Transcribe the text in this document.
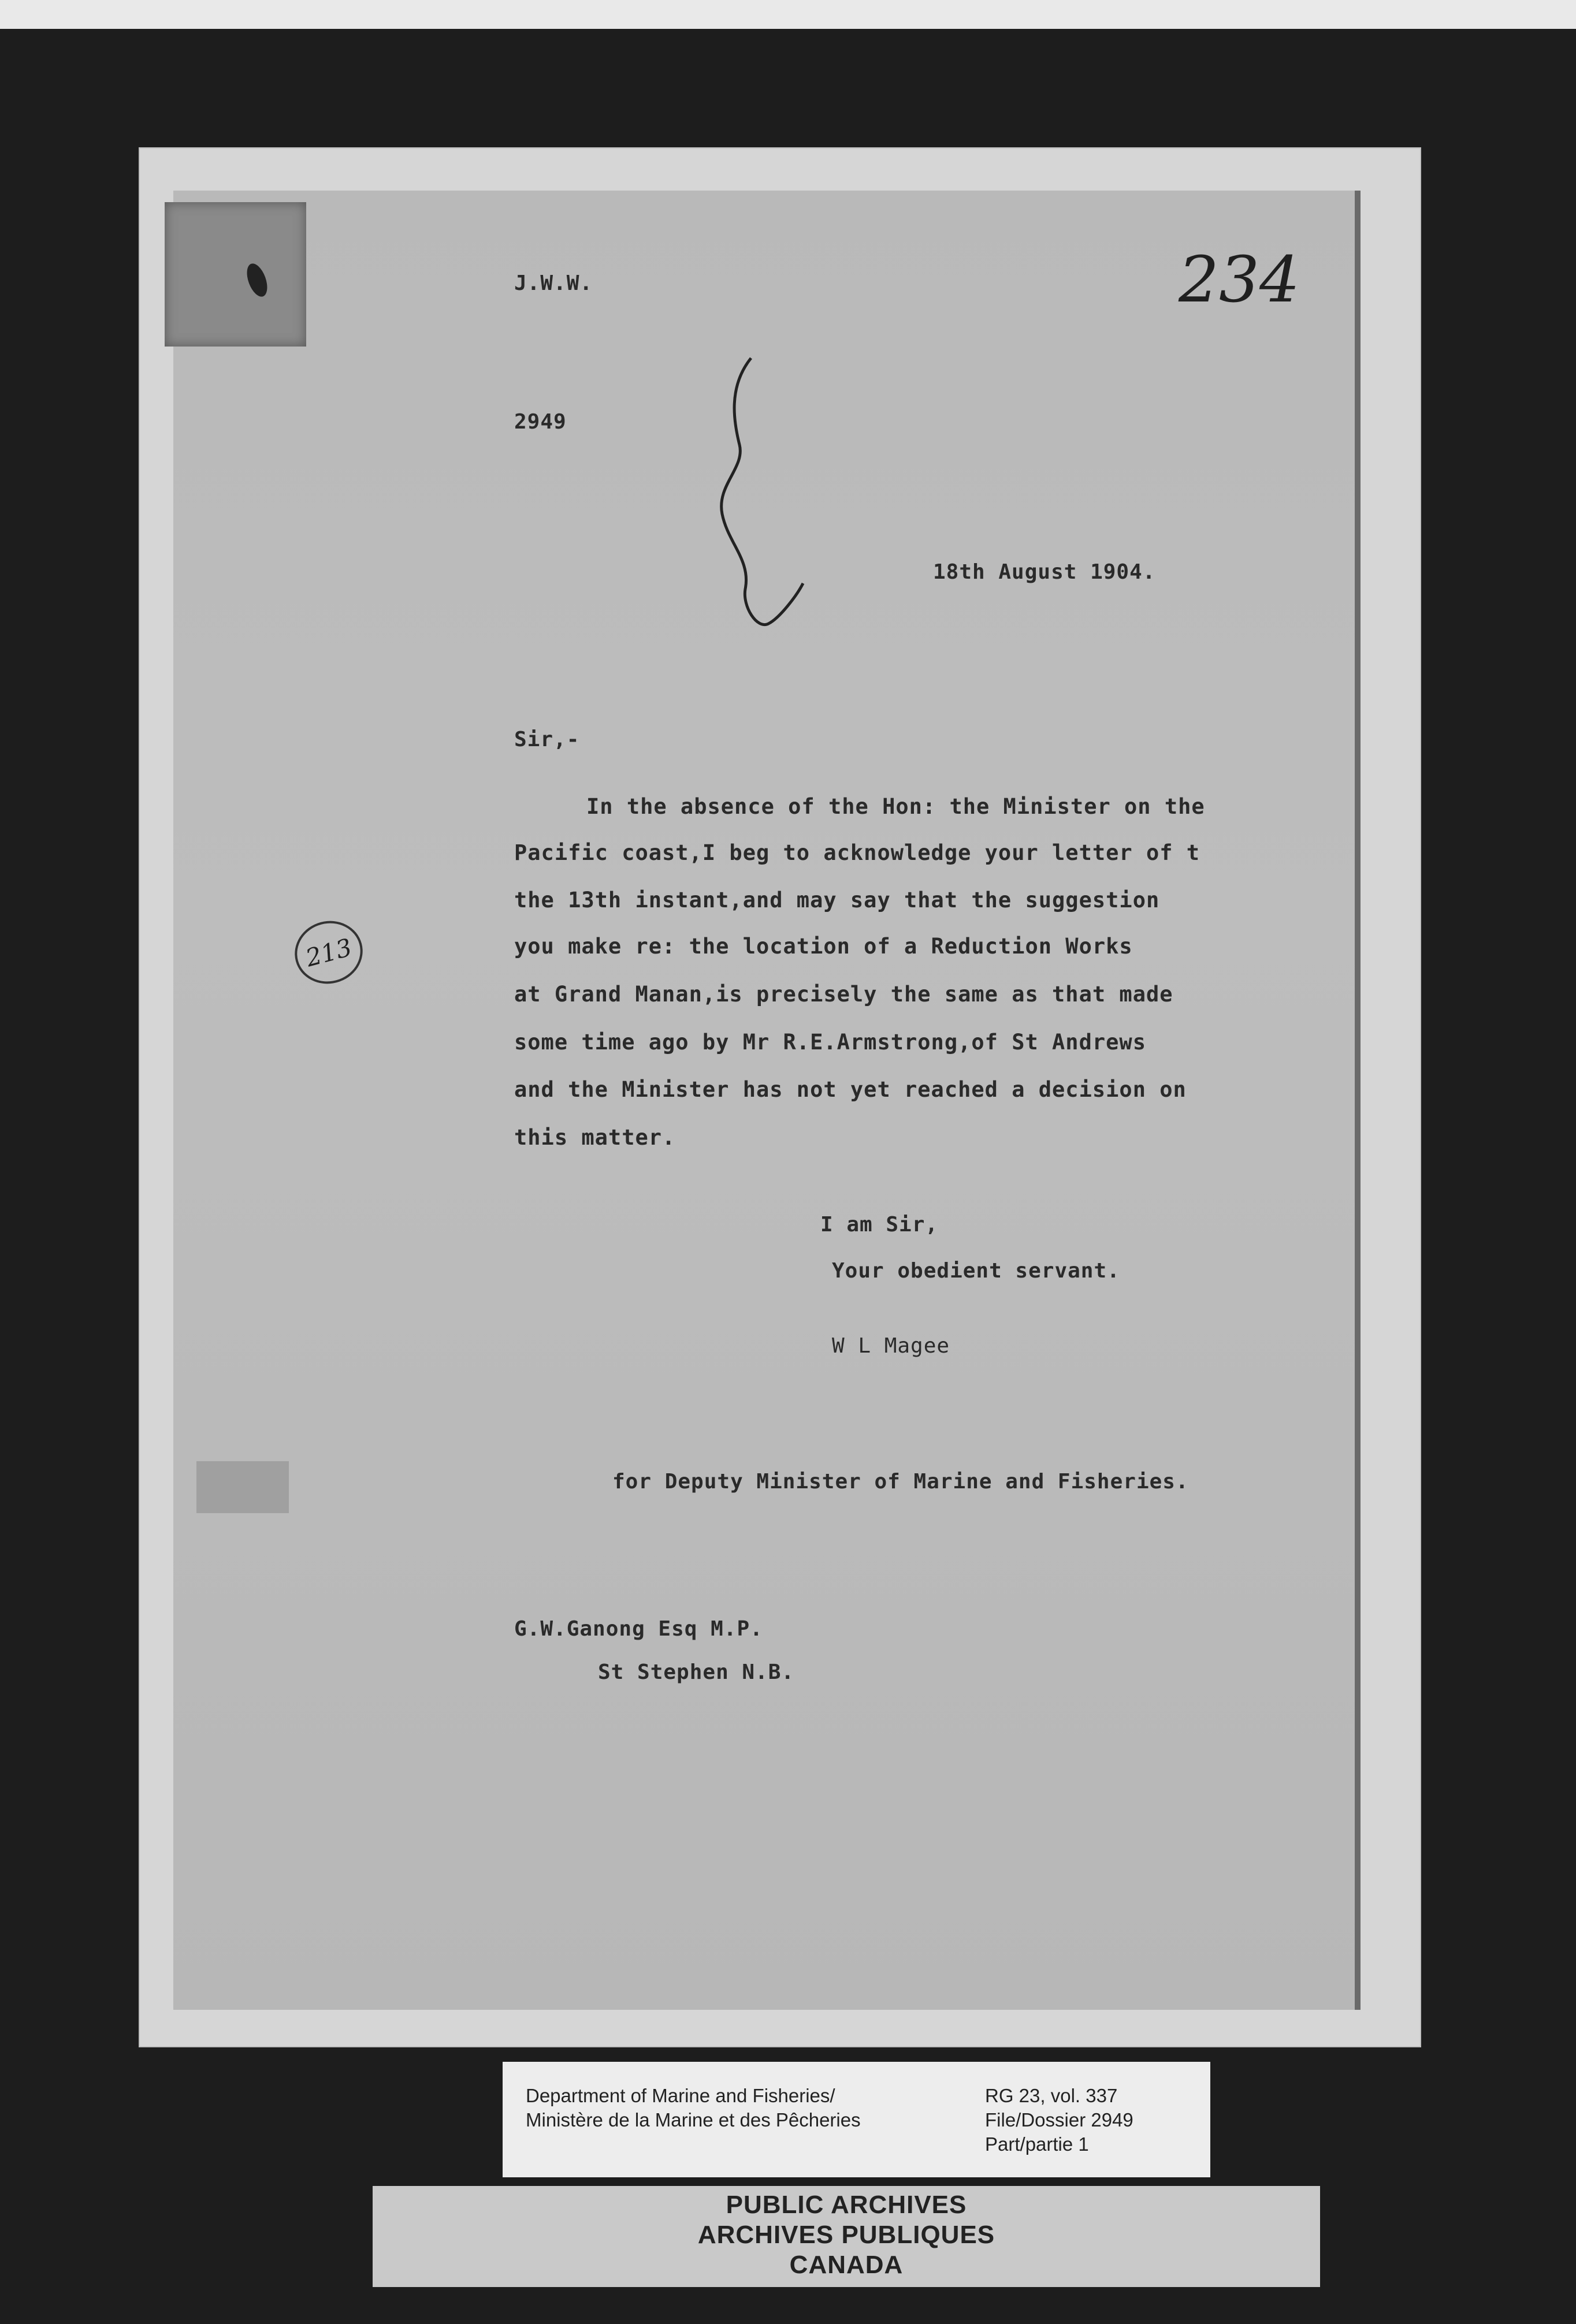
J.W.W.	234
2949
18th August 1904.
Sir,-
In the absence of the Hon: the Minister on the
Pacific coast,I beg to acknowledge your letter of t
the 13th instant,and may say that the suggestion
you make re: the location of a Reduction Works
at Grand Manan,is precisely the same as that made
some time ago by Mr R.E.Armstrong,of St Andrews
and the Minister has not yet reached a decision on
this matter.
213
I am Sir,
Your obedient servant.
W L Magee
for Deputy Minister of Marine and Fisheries.
G.W.Ganong Esq M.P.
St Stephen N.B.
Department of Marine and Fisheries/
Ministère de la Marine et des Pêcheries
RG 23, vol. 337
File/Dossier 2949
Part/partie 1
PUBLIC ARCHIVES
ARCHIVES PUBLIQUES
CANADA
